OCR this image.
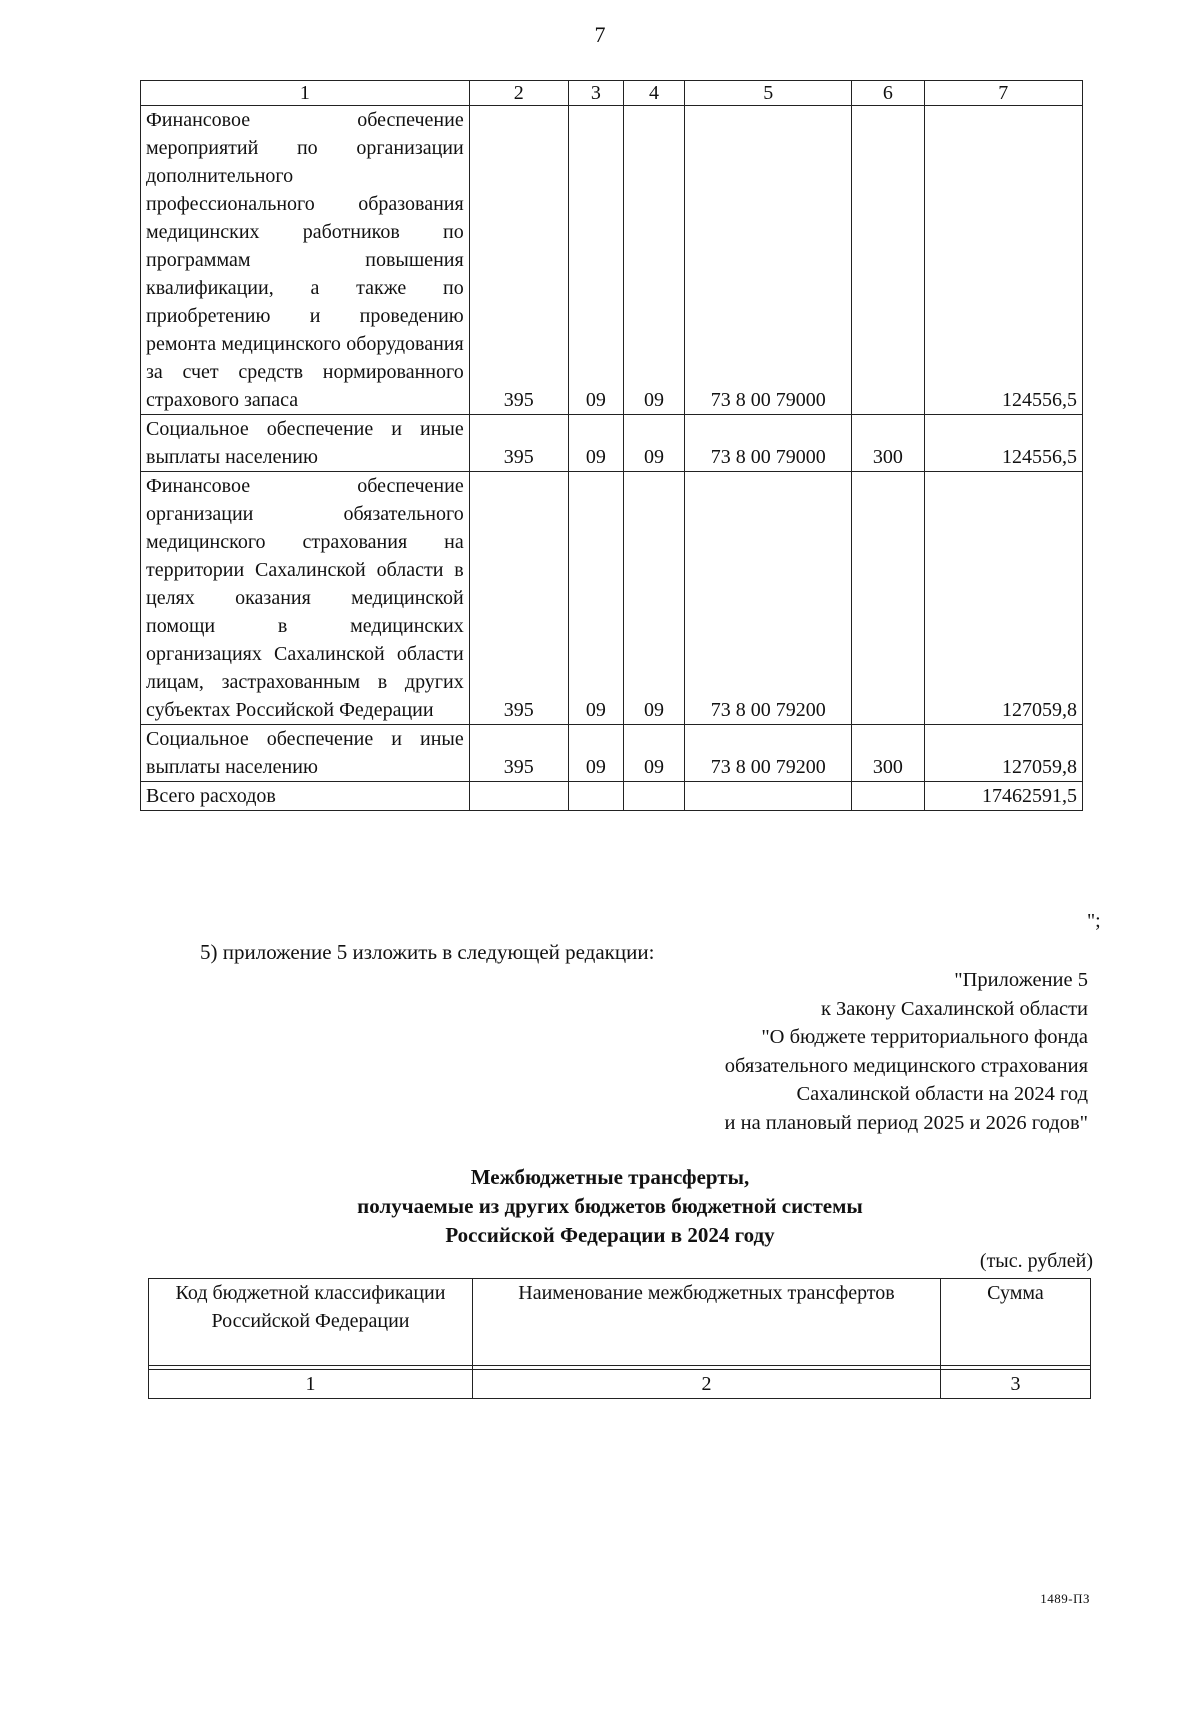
7
1	2	3	4	5	6	7
Финансовое обеспечение мероприятий по организации дополнительного профессионального образования медицинских работников по программам повышения квалификации, а также по приобретению и проведению ремонта медицинского оборудования за счет средств нормированного страхового запаса	395	09	09	73 8 00 79000		124556,5
Социальное обеспечение и иные выплаты населению	395	09	09	73 8 00 79000	300	124556,5
Финансовое обеспечение организации обязательного медицинского страхования на территории Сахалинской области в целях оказания медицинской помощи в медицинских организациях Сахалинской области лицам, застрахованным в других субъектах Российской Федерации	395	09	09	73 8 00 79200		127059,8
Социальное обеспечение и иные выплаты населению	395	09	09	73 8 00 79200	300	127059,8
Всего расходов						17462591,5
";
5) приложение 5 изложить в следующей редакции:
"Приложение 5
к Закону Сахалинской области
"О бюджете территориального фонда
обязательного медицинского страхования
Сахалинской области на 2024 год
и на плановый период 2025 и 2026 годов"
Межбюджетные трансферты,
получаемые из других бюджетов бюджетной системы
Российской Федерации в 2024 году
(тыс. рублей)
Код бюджетной классификации Российской Федерации	Наименование межбюджетных трансфертов	Сумма

1	2	3
1489-ПЗ
